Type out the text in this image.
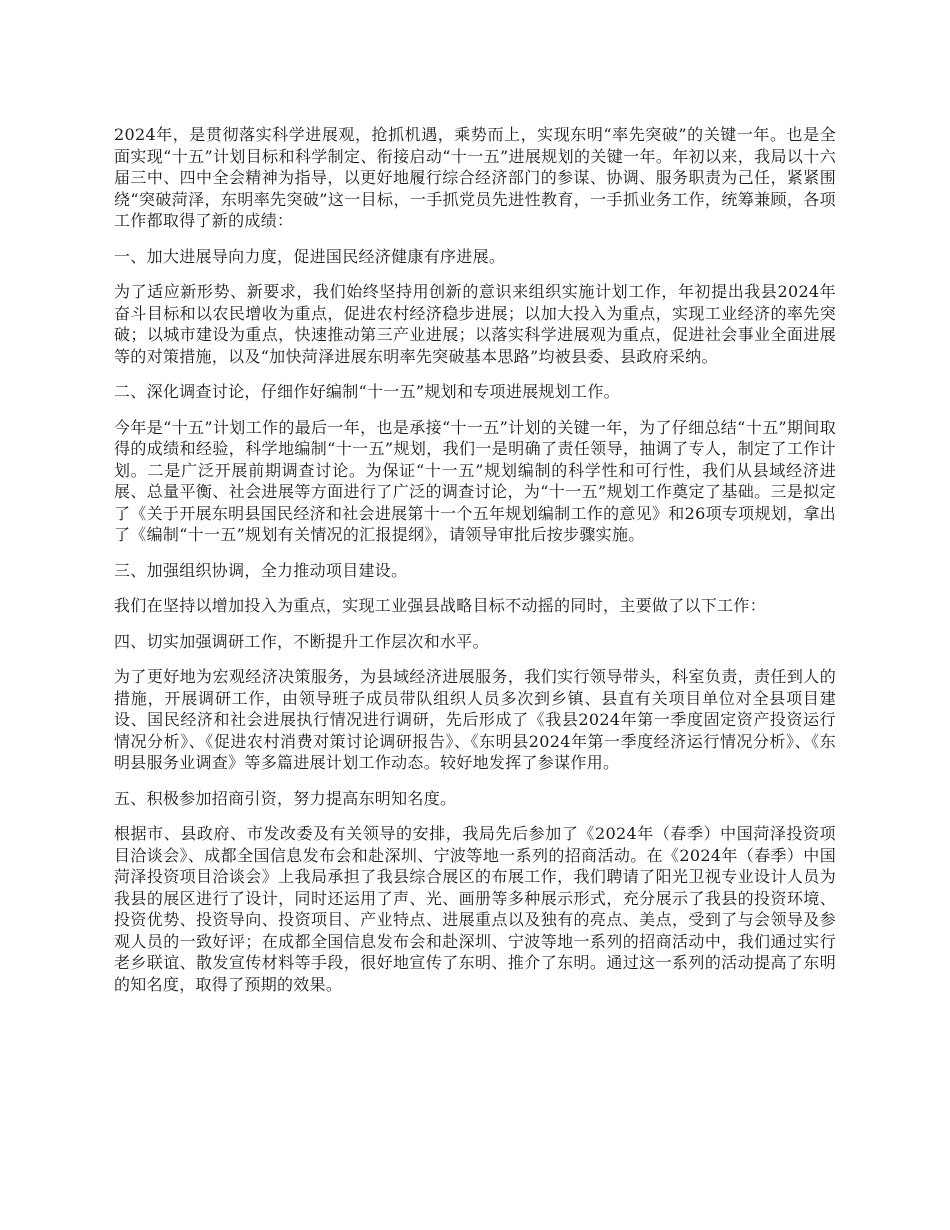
2024年，是贯彻落实科学进展观，抢抓机遇，乘势而上，实现东明“率先突破”的关键一年。也是全面实现“十五”计划目标和科学制定、衔接启动“十一五”进展规划的关键一年。年初以来，我局以十六届三中、四中全会精神为指导，以更好地履行综合经济部门的参谋、协调、服务职责为己任，紧紧围绕“突破菏泽，东明率先突破”这一目标，一手抓党员先进性教育，一手抓业务工作，统筹兼顾，各项工作都取得了新的成绩：

一、加大进展导向力度，促进国民经济健康有序进展。

为了适应新形势、新要求，我们始终坚持用创新的意识来组织实施计划工作，年初提出我县2024年奋斗目标和以农民增收为重点，促进农村经济稳步进展；以加大投入为重点，实现工业经济的率先突破；以城市建设为重点，快速推动第三产业进展；以落实科学进展观为重点，促进社会事业全面进展等的对策措施，以及“加快菏泽进展东明率先突破基本思路”均被县委、县政府采纳。

二、深化调查讨论，仔细作好编制“十一五”规划和专项进展规划工作。

今年是“十五”计划工作的最后一年，也是承接“十一五”计划的关键一年，为了仔细总结“十五”期间取得的成绩和经验，科学地编制“十一五”规划，我们一是明确了责任领导，抽调了专人，制定了工作计划。二是广泛开展前期调查讨论。为保证“十一五”规划编制的科学性和可行性，我们从县域经济进展、总量平衡、社会进展等方面进行了广泛的调查讨论，为“十一五”规划工作奠定了基础。三是拟定了《关于开展东明县国民经济和社会进展第十一个五年规划编制工作的意见》和26项专项规划，拿出了《编制“十一五”规划有关情况的汇报提纲》，请领导审批后按步骤实施。

三、加强组织协调，全力推动项目建设。

我们在坚持以增加投入为重点，实现工业强县战略目标不动摇的同时，主要做了以下工作：

四、切实加强调研工作，不断提升工作层次和水平。

为了更好地为宏观经济决策服务，为县域经济进展服务，我们实行领导带头，科室负责，责任到人的措施，开展调研工作，由领导班子成员带队组织人员多次到乡镇、县直有关项目单位对全县项目建设、国民经济和社会进展执行情况进行调研，先后形成了《我县2024年第一季度固定资产投资运行情况分析》、《促进农村消费对策讨论调研报告》、《东明县2024年第一季度经济运行情况分析》、《东明县服务业调查》等多篇进展计划工作动态。较好地发挥了参谋作用。

五、积极参加招商引资，努力提高东明知名度。

根据市、县政府、市发改委及有关领导的安排，我局先后参加了《2024年（春季）中国菏泽投资项目洽谈会》、成都全国信息发布会和赴深圳、宁波等地一系列的招商活动。在《2024年（春季）中国菏泽投资项目洽谈会》上我局承担了我县综合展区的布展工作，我们聘请了阳光卫视专业设计人员为我县的展区进行了设计，同时还运用了声、光、画册等多种展示形式，充分展示了我县的投资环境、投资优势、投资导向、投资项目、产业特点、进展重点以及独有的亮点、美点，受到了与会领导及参观人员的一致好评；在成都全国信息发布会和赴深圳、宁波等地一系列的招商活动中，我们通过实行老乡联谊、散发宣传材料等手段，很好地宣传了东明、推介了东明。通过这一系列的活动提高了东明的知名度，取得了预期的效果。
